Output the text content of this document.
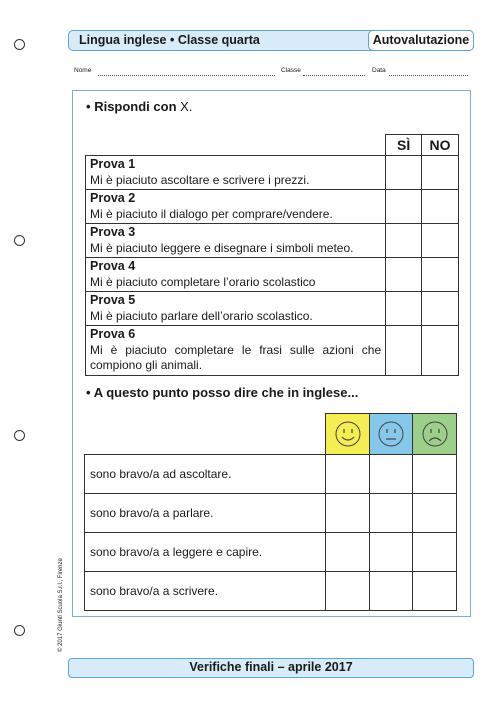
Lingua inglese • Classe quarta	Autovalutazione
Nome	Classe	Data
• Rispondi con X.
	SÌ	NO

Prova 1
Mi è piaciuto ascoltare e scrivere i prezzi.		

Prova 2
Mi è piaciuto il dialogo per comprare/vendere.		

Prova 3
Mi è piaciuto leggere e disegnare i simboli meteo.		

Prova 4
Mi è piaciuto completare l’orario scolastico		

Prova 5
Mi è piaciuto parlare dell’orario scolastico.		

Prova 6
Mi è piaciuto completare le frasi sulle azioni che compiono gli animali.		

• A questo punto posso dire che in inglese...

sono bravo/a ad ascoltare.			
sono bravo/a a parlare.			
sono bravo/a a leggere e capire.			
sono bravo/a a scrivere.			
© 2017 Giunti Scuola S.r.l., Firenze
Verifiche finali – aprile 2017
